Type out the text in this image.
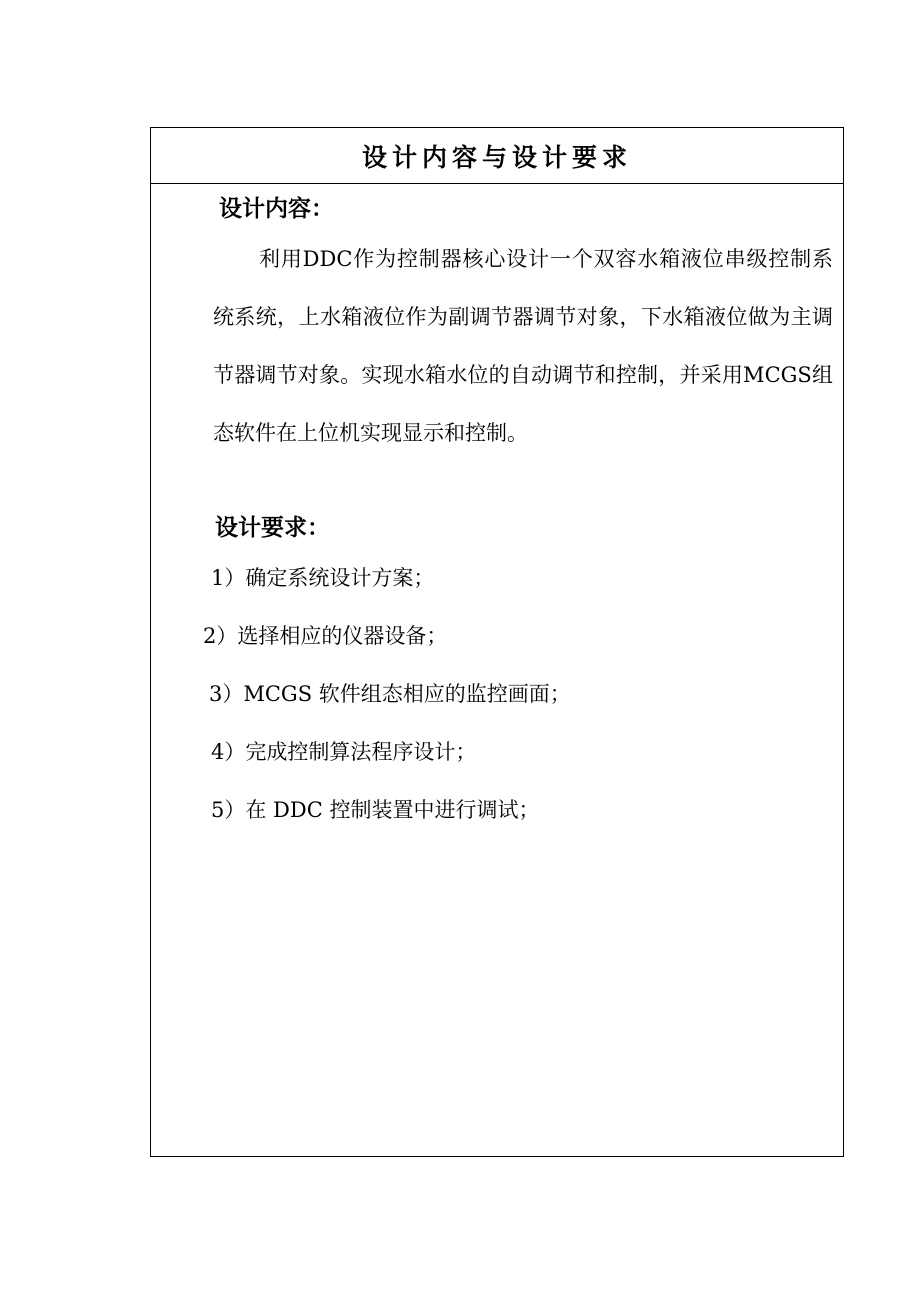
设计内容与设计要求
设计内容：

利用DDC作为控制器核心设计一个双容水箱液位串级控制系统系统，上水箱液位作为副调节器调节对象，下水箱液位做为主调节器调节对象。实现水箱水位的自动调节和控制，并采用MCGS组态软件在上位机实现显示和控制。

设计要求：
1）确定系统设计方案；
2）选择相应的仪器设备；
3）MCGS 软件组态相应的监控画面；
4）完成控制算法程序设计；
5）在 DDC 控制装置中进行调试；
